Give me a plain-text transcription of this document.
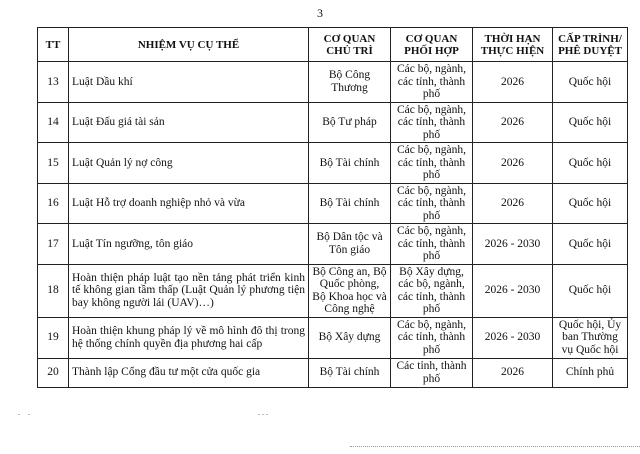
3
TT	NHIỆM VỤ CỤ THỂ	CƠ QUAN CHỦ TRÌ	CƠ QUAN PHỐI HỢP	THỜI HẠN THỰC HIỆN	CẤP TRÌNH/ PHÊ DUYỆT
13	Luật Dầu khí	Bộ Công Thương	Các bộ, ngành, các tỉnh, thành phố	2026	Quốc hội
14	Luật Đấu giá tài sản	Bộ Tư pháp	Các bộ, ngành, các tỉnh, thành phố	2026	Quốc hội
15	Luật Quản lý nợ công	Bộ Tài chính	Các bộ, ngành, các tỉnh, thành phố	2026	Quốc hội
16	Luật Hỗ trợ doanh nghiệp nhỏ và vừa	Bộ Tài chính	Các bộ, ngành, các tỉnh, thành phố	2026	Quốc hội
17	Luật Tín ngưỡng, tôn giáo	Bộ Dân tộc và Tôn giáo	Các bộ, ngành, các tỉnh, thành phố	2026 - 2030	Quốc hội
18	Hoàn thiện pháp luật tạo nền tảng phát triển kinh tế không gian tầm thấp (Luật Quản lý phương tiện bay không người lái (UAV)…)	Bộ Công an, Bộ Quốc phòng, Bộ Khoa học và Công nghệ	Bộ Xây dựng, các bộ, ngành, các tỉnh, thành phố	2026 - 2030	Quốc hội
19	Hoàn thiện khung pháp lý về mô hình đô thị trong hệ thống chính quyền địa phương hai cấp	Bộ Xây dựng	Các bộ, ngành, các tỉnh, thành phố	2026 - 2030	Quốc hội, Ủy ban Thường vụ Quốc hội
20	Thành lập Cổng đầu tư một cửa quốc gia	Bộ Tài chính	Các tỉnh, thành phố	2026	Chính phủ
. .	. . .
